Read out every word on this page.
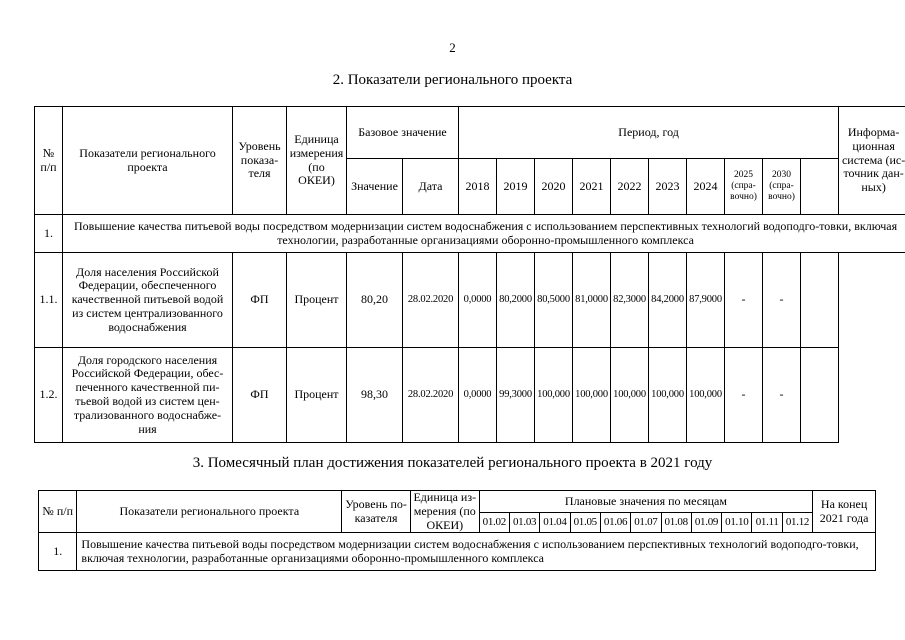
2
2. Показатели регионального проекта
№ п/п	Показатели регионального проекта	Уровень показа-теля	Единица измерения (по ОКЕИ)	Базовое значение		Период, год										Информа-ционная система (ис-точник дан-ных)
				Значение	Дата	2018	2019	2020	2021	2022	2023	2024	2025 (спра-вочно)	2030 (спра-вочно)		
1.	Повышение качества питьевой воды посредством модернизации систем водоснабжения с использованием перспективных технологий водоподго-товки, включая технологии, разработанные организациями оборонно-промышленного комплекса															
1.1.	Доля населения Российской Федерации, обеспеченного качественной питьевой водой из систем централизованного водоснабжения	ФП	Процент	80,20	28.02.2020	0,0000	80,2000	80,5000	81,0000	82,3000	84,2000	87,9000	-	-		
1.2.	Доля городского населения Российской Федерации, обес-печенного качественной пи-тьевой водой из систем цен-трализованного водоснабже-ния	ФП	Процент	98,30	28.02.2020	0,0000	99,3000	100,000	100,000	100,000	100,000	100,000	-	-		
3. Помесячный план достижения показателей регионального проекта в 2021 году
№ п/п	Показатели регионального проекта	Уровень по-казателя	Единица из-мерения (по ОКЕИ)	Плановые значения по месяцам											На конец 2021 года
				01.02	01.03	01.04	01.05	01.06	01.07	01.08	01.09	01.10	01.11	01.12	
1.	Повышение качества питьевой воды посредством модернизации систем водоснабжения с использованием перспективных технологий водоподго-товки, включая технологии, разработанные организациями оборонно-промышленного комплекса														
